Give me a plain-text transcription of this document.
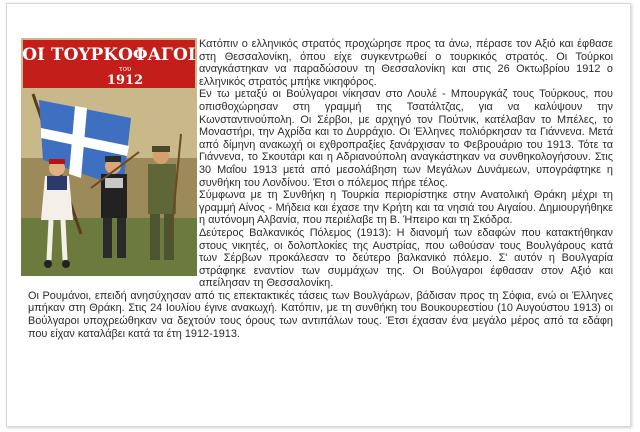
ΟΙ ΤΟΥΡΚΟΦΑΓΟΙ
του
1912

Κατόπιν ο ελληνικός στρατός προχώρησε προς τα άνω, πέρασε τον Αξιό και έφθασε στη Θεσσαλονίκη, όπου είχε συγκεντρωθεί ο τουρκικός στρατός. Οι Τούρκοι αναγκάστηκαν να παραδώσουν τη Θεσσαλονίκη και στις 26 Οκτωβρίου 1912 ο ελληνικός στρατός μπήκε νικηφόρος.

Εν τω μεταξύ οι Βούλγαροι νίκησαν στο Λουλέ - Μπουργκάζ τους Τούρκους, που οπισθοχώρησαν στη γραμμή της Τσατάλτζας, για να καλύψουν την Κωνσταντινούπολη. Οι Σέρβοι, με αρχηγό τον Πούτνικ, κατέλαβαν το Μπέλες, το Μοναστήρι, την Αχρίδα και το Δυρράχιο. Οι Έλληνες πολιόρκησαν τα Γιάννενα. Μετά από δίμηνη ανακωχή οι εχθροπραξίες ξανάρχισαν το Φεβρουάριο του 1913. Τότε τα Γιάννενα, το Σκουτάρι και η Αδριανούπολη αναγκάστηκαν να συνθηκολογήσουν. Στις 30 Μαΐου 1913 μετά από μεσολάβηση των Μεγάλων Δυνάμεων, υπογράφτηκε η συνθήκη του Λονδίνου. Έτσι ο πόλεμος πήρε τέλος.

Σύμφωνα με τη Συνθήκη η Τουρκία περιορίστηκε στην Ανατολική Θράκη μέχρι τη γραμμή Αίνος - Μήδεια και έχασε την Κρήτη και τα νησιά του Αιγαίου. Δημιουργήθηκε η αυτόνομη Αλβανία, που περιέλαβε τη Β. Ήπειρο και τη Σκόδρα.

Δεύτερος Βαλκανικός Πόλεμος (1913): Η διανομή των εδαφών που κατακτήθηκαν στους νικητές, οι δολοπλοκίες της Αυστρίας, που ωθούσαν τους Βουλγάρους κατά των Σέρβων προκάλεσαν το δεύτερο βαλκανικό πόλεμο. Σ' αυτόν η Βουλγαρία στράφηκε εναντίον των συμμάχων της. Οι Βούλγαροι έφθασαν στον Αξιό και απείλησαν τη Θεσσαλονίκη.

Οι Ρουμάνοι, επειδή ανησύχησαν από τις επεκτακτικές τάσεις των Βουλγάρων, βάδισαν προς τη Σόφια, ενώ οι Έλληνες μπήκαν στη Θράκη. Στις 24 Ιουλίου έγινε ανακωχή. Κατόπιν, με τη συνθήκη του Βουκουρεστίου (10 Αυγούστου 1913) οι Βούλγαροι υποχρεώθηκαν να δεχτούν τους όρους των αντιπάλων τους. Έτσι έχασαν ένα μεγάλο μέρος από τα εδάφη που είχαν καταλάβει κατά τα έτη 1912-1913.
